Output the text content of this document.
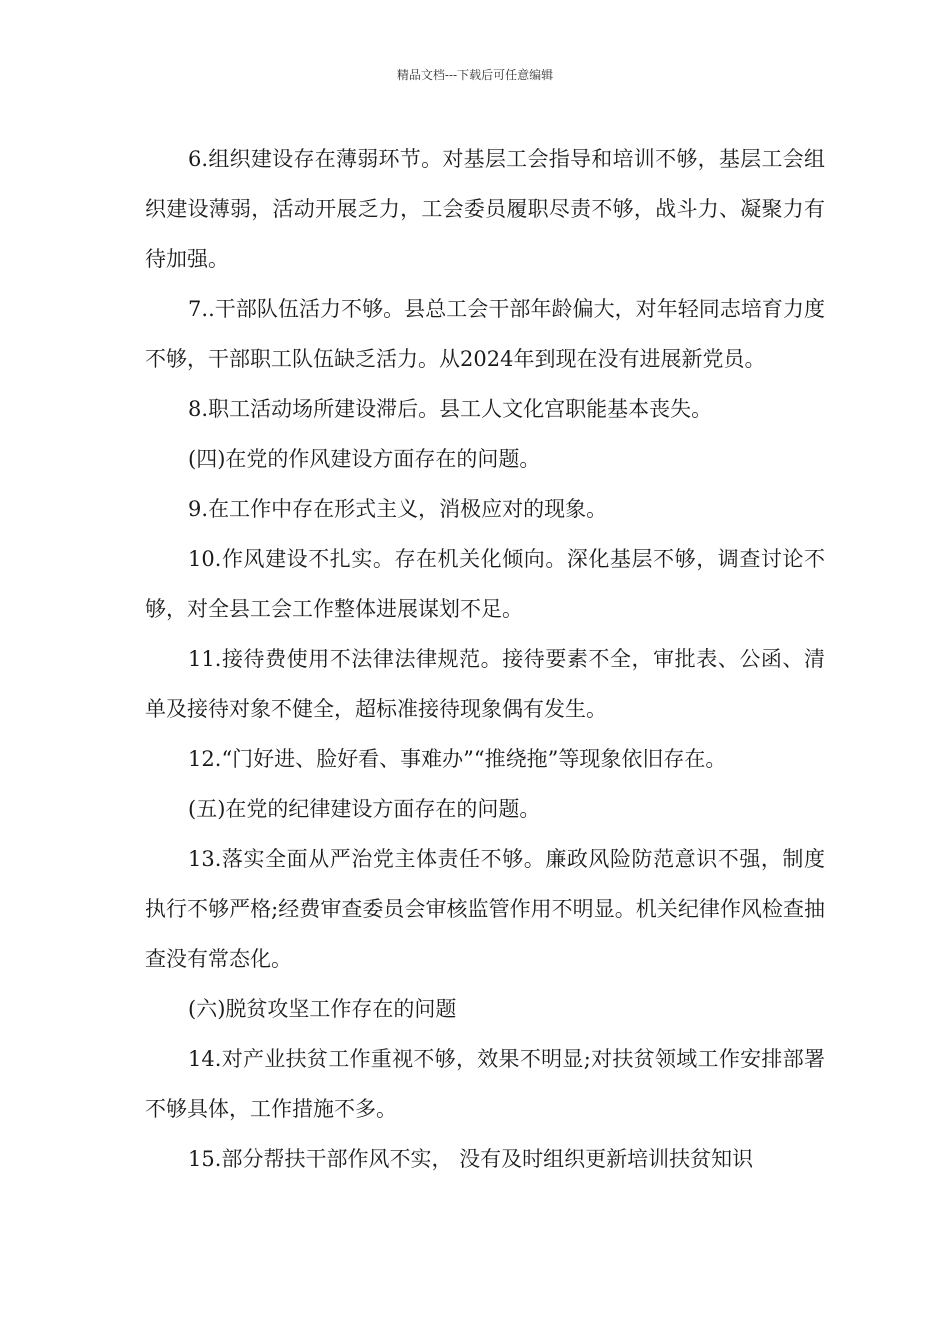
精品文档---下载后可任意编辑

6.组织建设存在薄弱环节。对基层工会指导和培训不够，基层工会组织建设薄弱，活动开展乏力，工会委员履职尽责不够，战斗力、凝聚力有待加强。

7..干部队伍活力不够。县总工会干部年龄偏大，对年轻同志培育力度不够，干部职工队伍缺乏活力。从2024年到现在没有进展新党员。

8.职工活动场所建设滞后。县工人文化宫职能基本丧失。

(四)在党的作风建设方面存在的问题。

9.在工作中存在形式主义，消极应对的现象。

10.作风建设不扎实。存在机关化倾向。深化基层不够，调查讨论不够，对全县工会工作整体进展谋划不足。

11.接待费使用不法律法律规范。接待要素不全，审批表、公函、清单及接待对象不健全，超标准接待现象偶有发生。

12.“门好进、脸好看、事难办”“推绕拖”等现象依旧存在。

(五)在党的纪律建设方面存在的问题。

13.落实全面从严治党主体责任不够。廉政风险防范意识不强，制度执行不够严格;经费审查委员会审核监管作用不明显。机关纪律作风检查抽查没有常态化。

(六)脱贫攻坚工作存在的问题

14.对产业扶贫工作重视不够，效果不明显;对扶贫领域工作安排部署不够具体，工作措施不多。

15.部分帮扶干部作风不实， 没有及时组织更新培训扶贫知识
